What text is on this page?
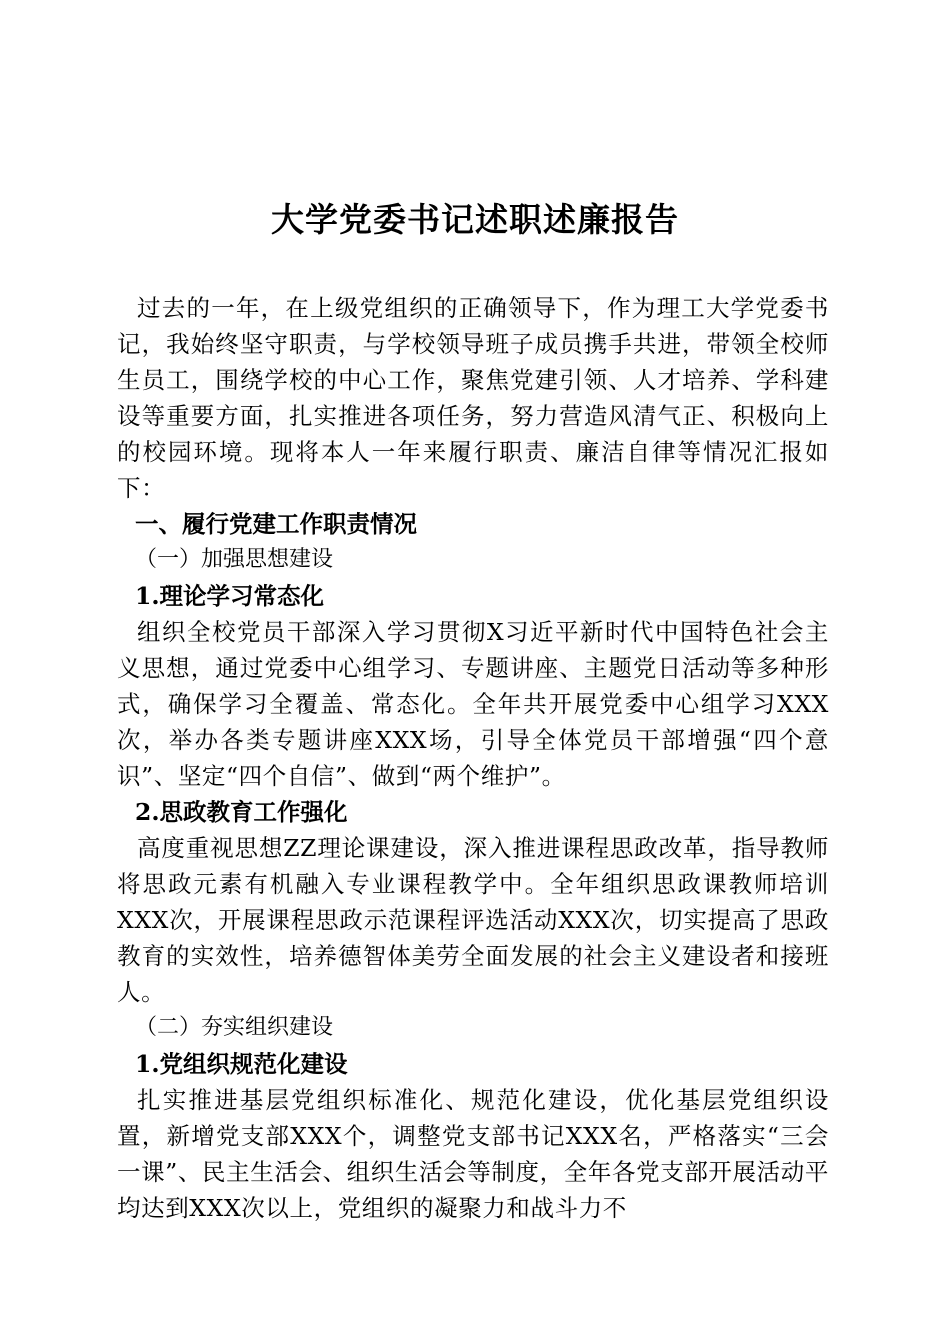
大学党委书记述职述廉报告

过去的一年，在上级党组织的正确领导下，作为理工大学党委书记，我始终坚守职责，与学校领导班子成员携手共进，带领全校师生员工，围绕学校的中心工作，聚焦党建引领、人才培养、学科建设等重要方面，扎实推进各项任务，努力营造风清气正、积极向上的校园环境。现将本人一年来履行职责、廉洁自律等情况汇报如下：

一、履行党建工作职责情况

（一）加强思想建设

1.理论学习常态化

组织全校党员干部深入学习贯彻X习近平新时代中国特色社会主义思想，通过党委中心组学习、专题讲座、主题党日活动等多种形式，确保学习全覆盖、常态化。全年共开展党委中心组学习XXX次，举办各类专题讲座XXX场，引导全体党员干部增强“四个意识”、坚定“四个自信”、做到“两个维护”。

2.思政教育工作强化

高度重视思想ZZ理论课建设，深入推进课程思政改革，指导教师将思政元素有机融入专业课程教学中。全年组织思政课教师培训XXX次，开展课程思政示范课程评选活动XXX次，切实提高了思政教育的实效性，培养德智体美劳全面发展的社会主义建设者和接班人。

（二）夯实组织建设

1.党组织规范化建设

扎实推进基层党组织标准化、规范化建设，优化基层党组织设置，新增党支部XXX个，调整党支部书记XXX名，严格落实“三会一课”、民主生活会、组织生活会等制度，全年各党支部开展活动平均达到XXX次以上，党组织的凝聚力和战斗力不
